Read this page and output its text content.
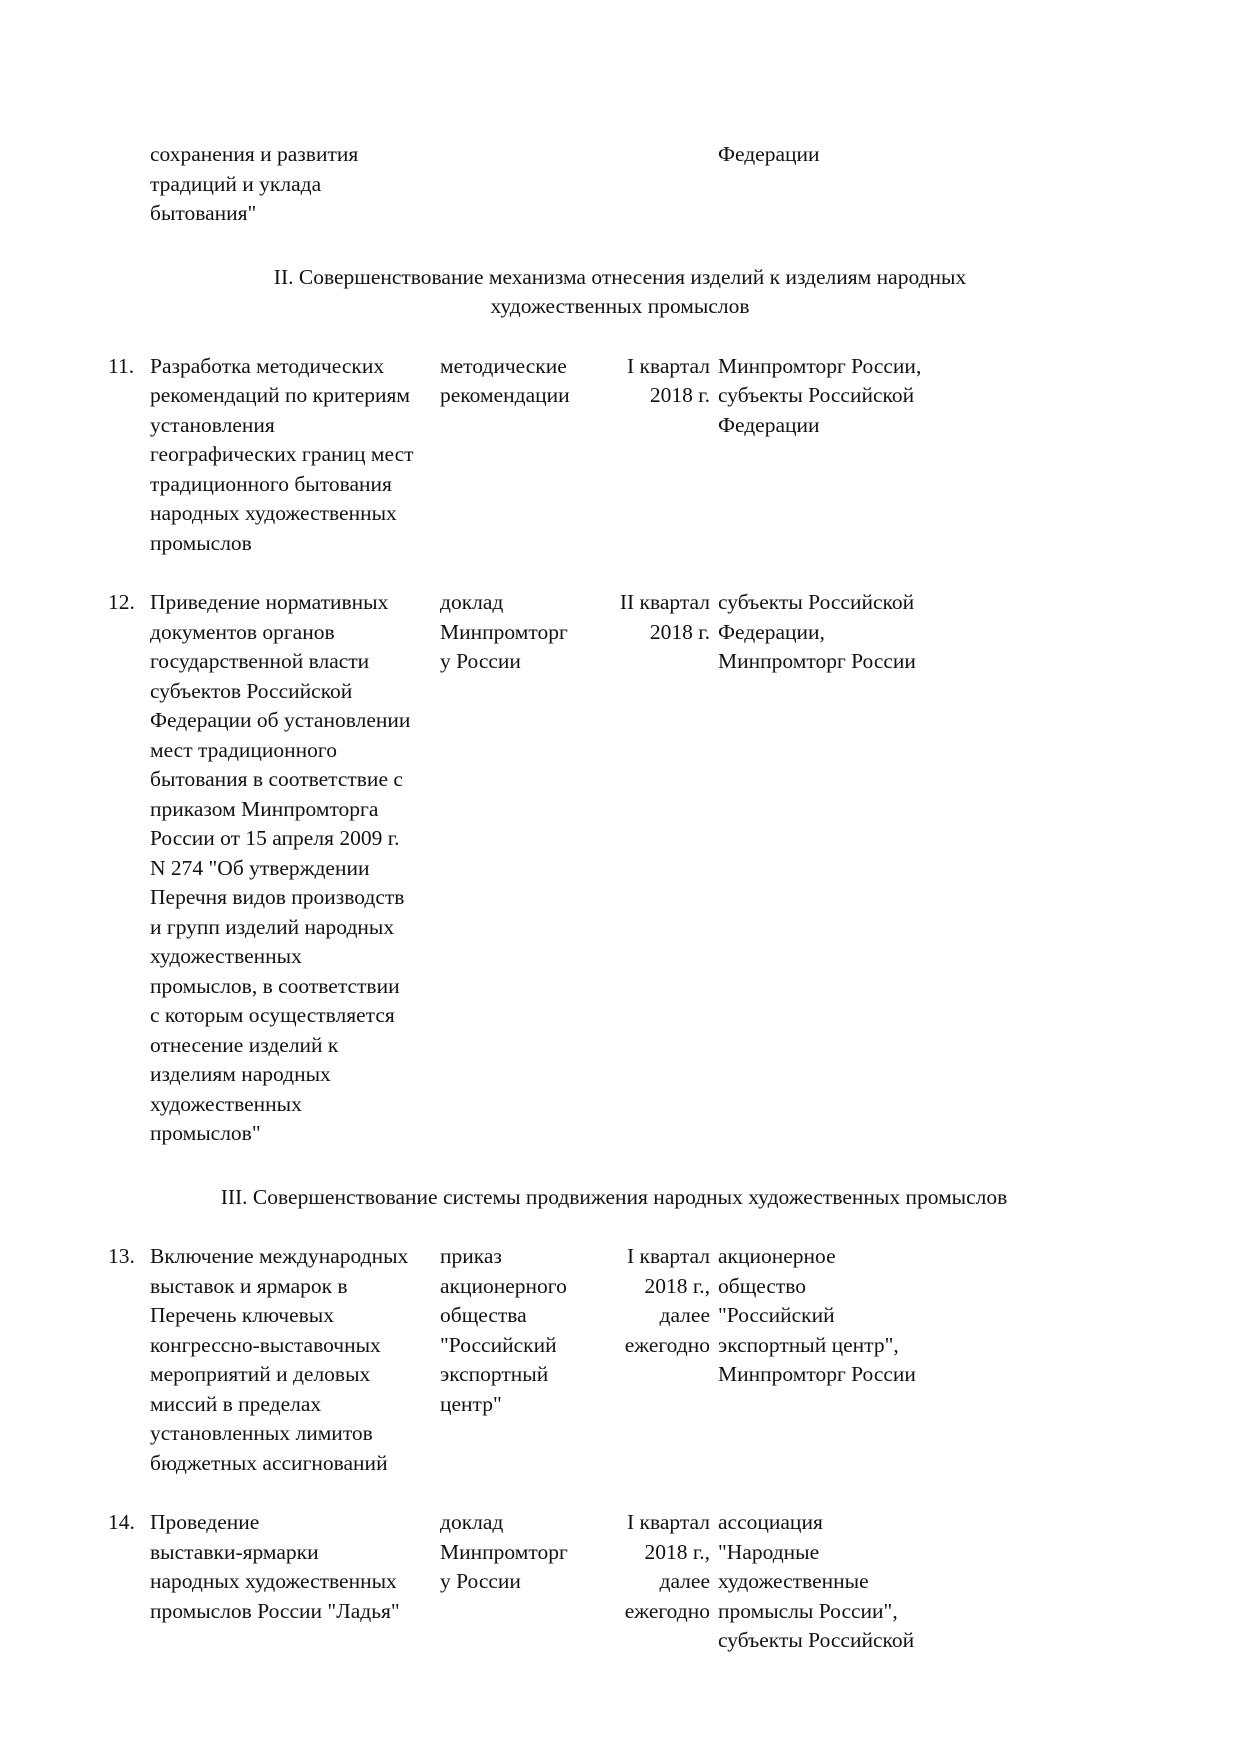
сохранения и развития
традиций и уклада
бытования"
Федерации
II. Совершенствование механизма отнесения изделий к изделиям народных
художественных промыслов
11. Разработка методических
рекомендаций по критериям
установления
географических границ мест
традиционного бытования
народных художественных
промыслов
методические
рекомендации
I квартал
2018 г.
Минпромторг России,
субъекты Российской
Федерации
12. Приведение нормативных
документов органов
государственной власти
субъектов Российской
Федерации об установлении
мест традиционного
бытования в соответствие с
приказом Минпромторга
России от 15 апреля 2009 г.
N 274 "Об утверждении
Перечня видов производств
и групп изделий народных
художественных
промыслов, в соответствии
с которым осуществляется
отнесение изделий к
изделиям народных
художественных
промыслов"
доклад
Минпромторг
у России
II квартал
2018 г.
субъекты Российской
Федерации,
Минпромторг России
III. Совершенствование системы продвижения народных художественных промыслов
13. Включение международных
выставок и ярмарок в
Перечень ключевых
конгрессно-выставочных
мероприятий и деловых
миссий в пределах
установленных лимитов
бюджетных ассигнований
приказ
акционерного
общества
"Российский
экспортный
центр"
I квартал
2018 г.,
далее
ежегодно
акционерное
общество
"Российский
экспортный центр",
Минпромторг России
14. Проведение
выставки-ярмарки
народных художественных
промыслов России "Ладья"
доклад
Минпромторг
у России
I квартал
2018 г.,
далее
ежегодно
ассоциация
"Народные
художественные
промыслы России",
субъекты Российской
